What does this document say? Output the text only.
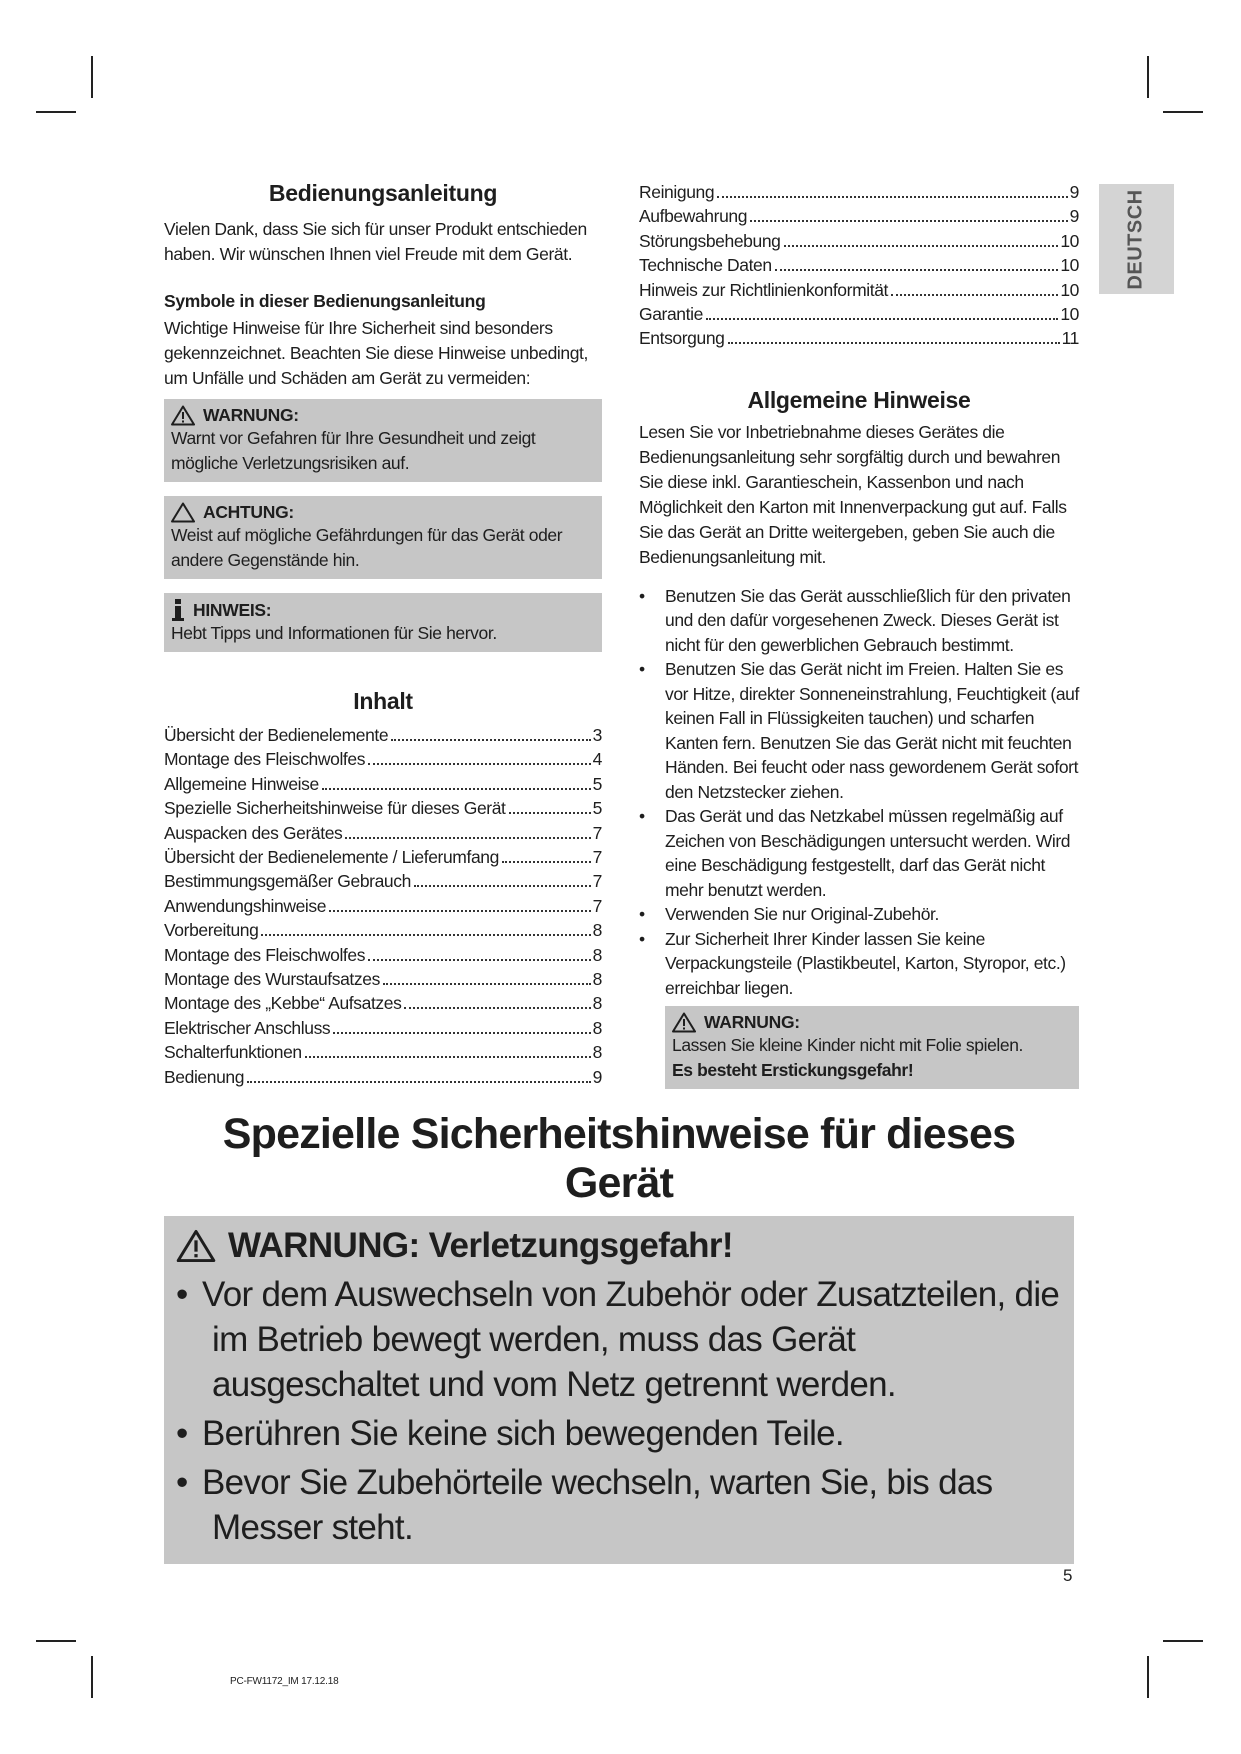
DEUTSCH
Bedienungsanleitung

Vielen Dank, dass Sie sich für unser Produkt entschieden haben. Wir wünschen Ihnen viel Freude mit dem Gerät.

Symbole in dieser Bedienungsanleitung

Wichtige Hinweise für Ihre Sicherheit sind besonders gekennzeichnet. Beachten Sie diese Hinweise unbedingt, um Unfälle und Schäden am Gerät zu vermeiden:

WARNUNG:
Warnt vor Gefahren für Ihre Gesundheit und zeigt mögliche Verletzungsrisiken auf.
ACHTUNG:
Weist auf mögliche Gefährdungen für das Gerät oder andere Gegenstände hin.
HINWEIS:
Hebt Tipps und Informationen für Sie hervor.
Inhalt
Übersicht der Bedienelemente	3
Montage des Fleischwolfes	4
Allgemeine Hinweise	5
Spezielle Sicherheitshinweise für dieses Gerät	5
Auspacken des Gerätes	7
Übersicht der Bedienelemente / Lieferumfang	7
Bestimmungsgemäßer Gebrauch	7
Anwendungshinweise	7
Vorbereitung	8
Montage des Fleischwolfes	8
Montage des Wurstaufsatzes	8
Montage des „Kebbe“ Aufsatzes	8
Elektrischer Anschluss	8
Schalterfunktionen	8
Bedienung	9
Reinigung	9
Aufbewahrung	9
Störungsbehebung	10
Technische Daten	10
Hinweis zur Richtlinienkonformität	10
Garantie	10
Entsorgung	11
Allgemeine Hinweise

Lesen Sie vor Inbetriebnahme dieses Gerätes die Bedienungsanleitung sehr sorgfältig durch und bewahren Sie diese inkl. Garantieschein, Kassenbon und nach Möglichkeit den Karton mit Innenverpackung gut auf. Falls Sie das Gerät an Dritte weitergeben, geben Sie auch die Bedienungsanleitung mit.

• Benutzen Sie das Gerät ausschließlich für den privaten und den dafür vorgesehenen Zweck. Dieses Gerät ist nicht für den gewerblichen Gebrauch bestimmt.
• Benutzen Sie das Gerät nicht im Freien. Halten Sie es vor Hitze, direkter Sonneneinstrahlung, Feuchtigkeit (auf keinen Fall in Flüssigkeiten tauchen) und scharfen Kanten fern. Benutzen Sie das Gerät nicht mit feuchten Händen. Bei feucht oder nass gewordenem Gerät sofort den Netzstecker ziehen.
• Das Gerät und das Netzkabel müssen regelmäßig auf Zeichen von Beschädigungen untersucht werden. Wird eine Beschädigung festgestellt, darf das Gerät nicht mehr benutzt werden.
• Verwenden Sie nur Original-Zubehör.
• Zur Sicherheit Ihrer Kinder lassen Sie keine Verpackungsteile (Plastikbeutel, Karton, Styropor, etc.) erreichbar liegen.
WARNUNG:
Lassen Sie kleine Kinder nicht mit Folie spielen.
Es besteht Erstickungsgefahr!
Spezielle Sicherheitshinweise für dieses Gerät
WARNUNG: Verletzungsgefahr!
• Vor dem Auswechseln von Zubehör oder Zusatzteilen, die im Betrieb bewegt werden, muss das Gerät ausgeschaltet und vom Netz getrennt werden.
• Berühren Sie keine sich bewegenden Teile.
• Bevor Sie Zubehörteile wechseln, warten Sie, bis das Messer steht.
5
PC-FW1172_IM 17.12.18
